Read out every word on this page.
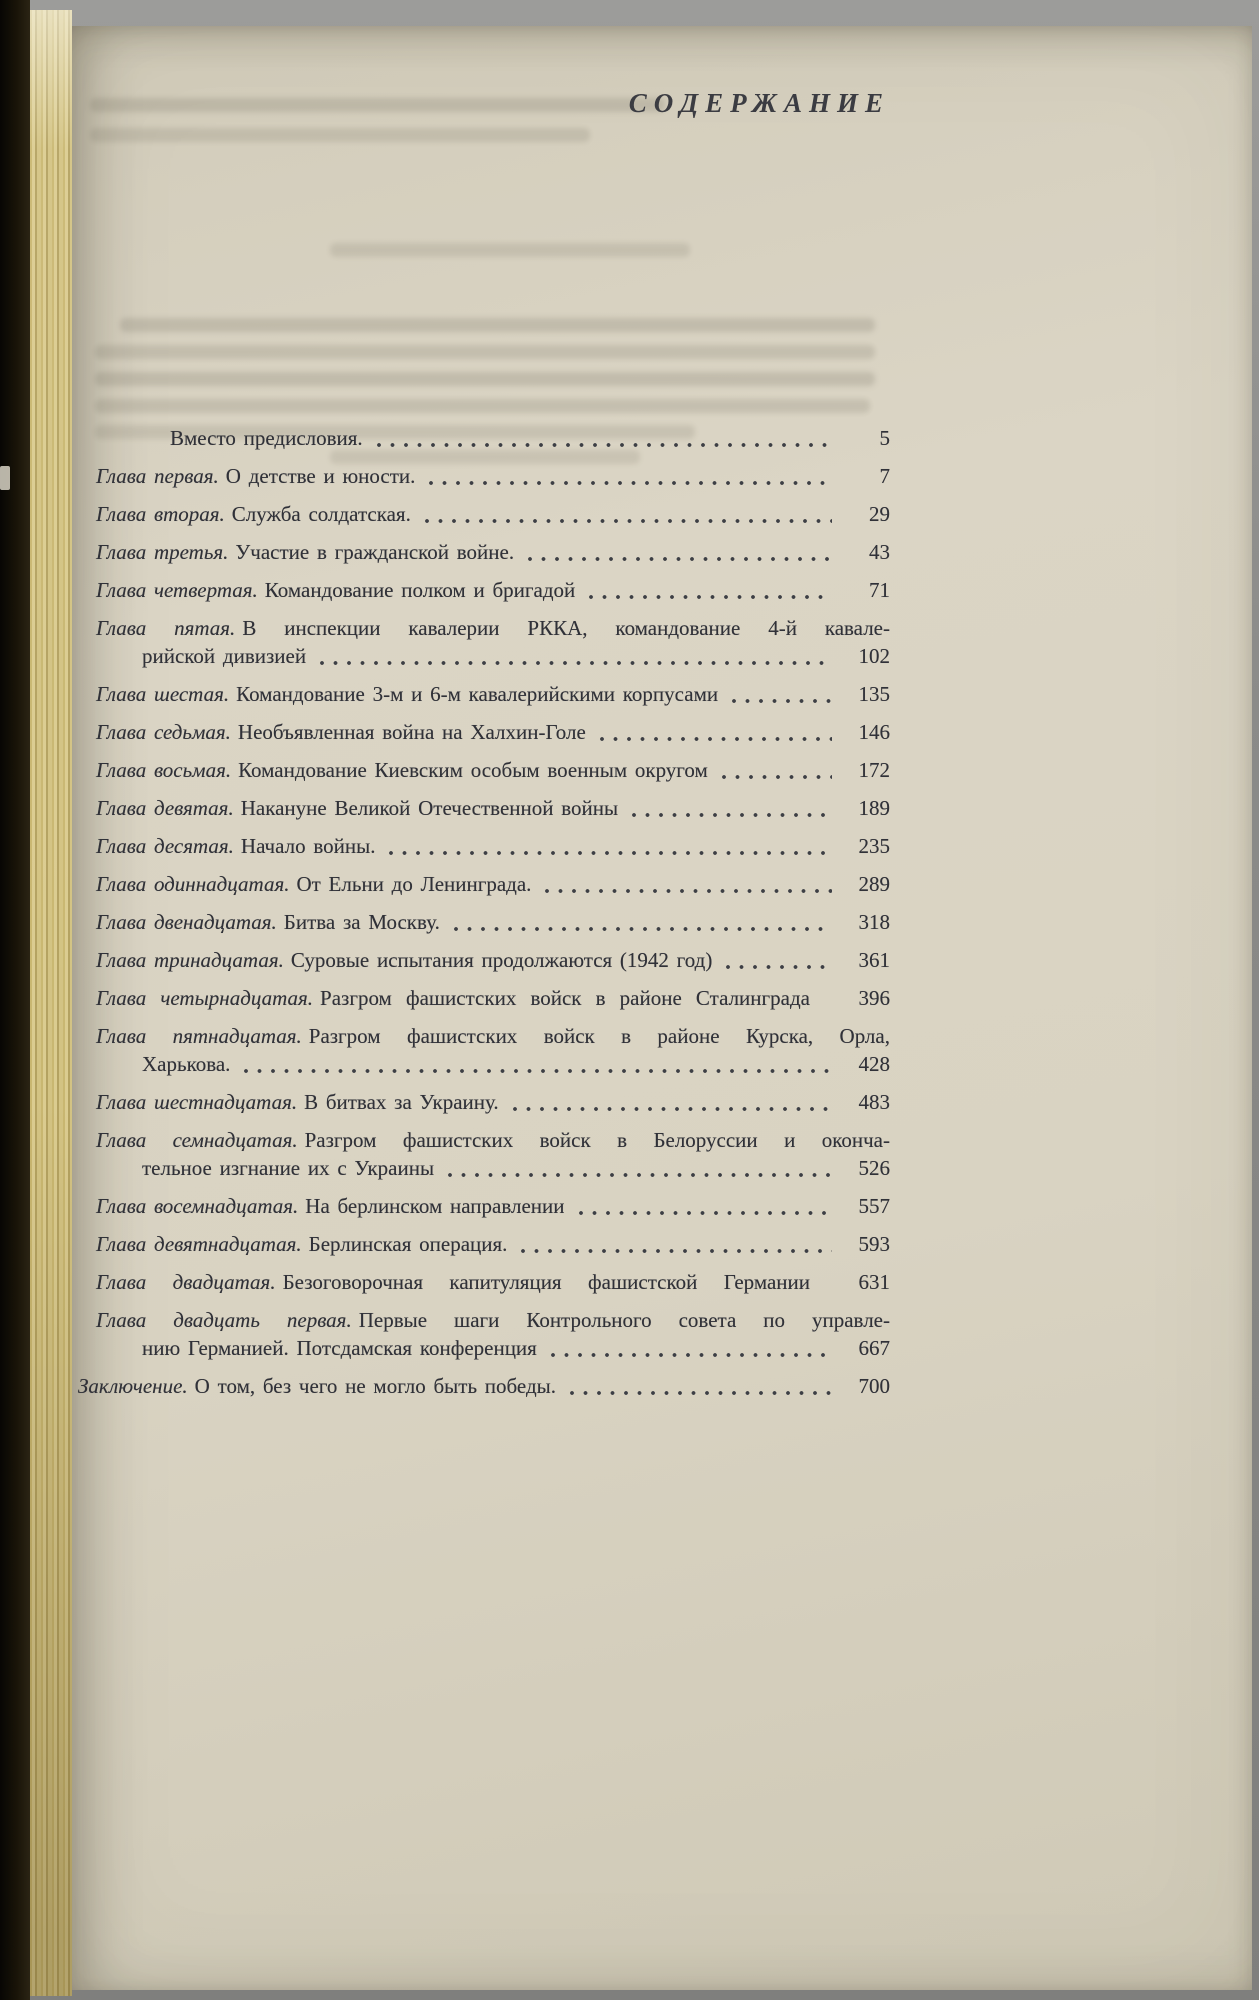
СОДЕРЖАНИЕ
Вместо предисловия.	5
Глава первая. О детстве и юности.	7
Глава вторая. Служба солдатская.	29
Глава третья. Участие в гражданской войне.	43
Глава четвертая. Командование полком и бригадой	71
Глава пятая. В инспекции кавалерии РККА, командование 4-й кавале-
рийской дивизией	102
Глава шестая. Командование 3-м и 6-м кавалерийскими корпусами	135
Глава седьмая. Необъявленная война на Халхин-Голе	146
Глава восьмая. Командование Киевским особым военным округом	172
Глава девятая. Накануне Великой Отечественной войны	189
Глава десятая. Начало войны.	235
Глава одиннадцатая. От Ельни до Ленинграда.	289
Глава двенадцатая. Битва за Москву.	318
Глава тринадцатая. Суровые испытания продолжаются (1942 год)	361
Глава четырнадцатая. Разгром фашистских войск в районе Сталинграда	396
Глава пятнадцатая. Разгром фашистских войск в районе Курска, Орла,
Харькова.	428
Глава шестнадцатая. В битвах за Украину.	483
Глава семнадцатая. Разгром фашистских войск в Белоруссии и оконча-
тельное изгнание их с Украины	526
Глава восемнадцатая. На берлинском направлении	557
Глава девятнадцатая. Берлинская операция.	593
Глава двадцатая. Безоговорочная капитуляция фашистской Германии	631
Глава двадцать первая. Первые шаги Контрольного совета по управле-
нию Германией. Потсдамская конференция	667
Заключение. О том, без чего не могло быть победы.	700
